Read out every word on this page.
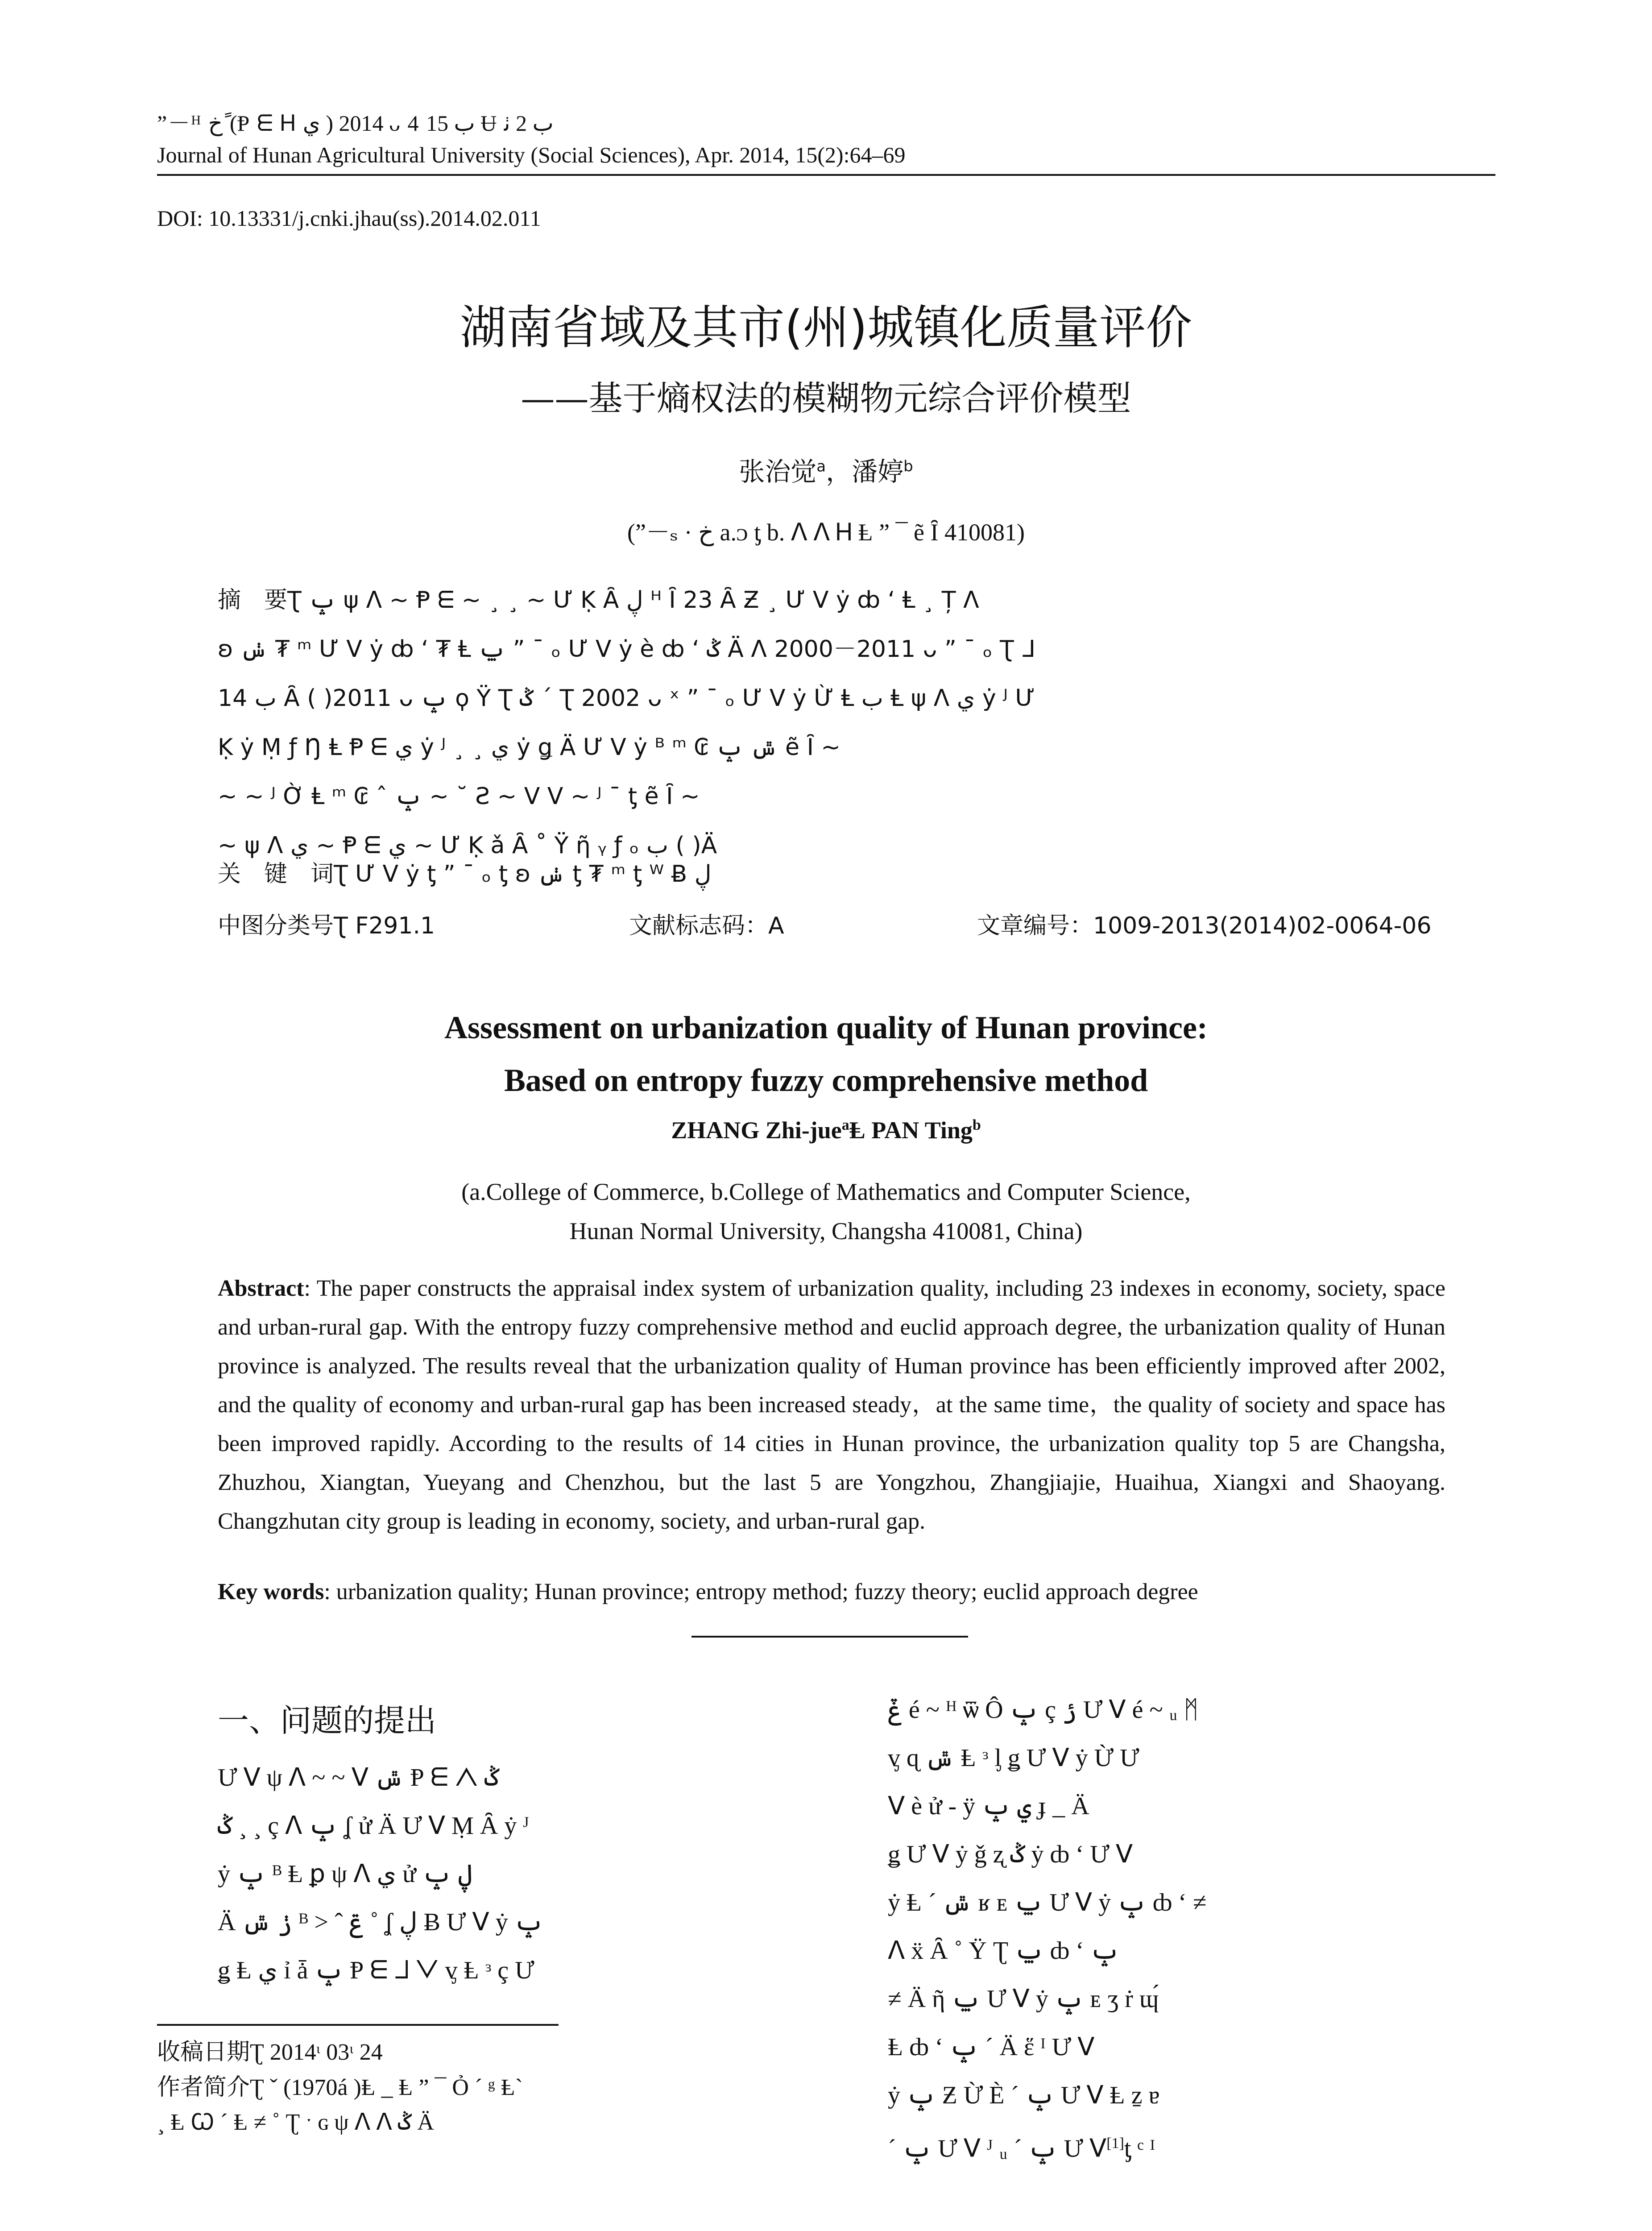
”－ᴴ ﺥ ً(Ᵽ ᗴ Ꮋ ي ) 2014 ᴗ 4 ب 15 Ʉ ب 2 ﭠ
Journal of Hunan Agricultural University (Social Sciences), Apr. 2014, 15(2):64–69
DOI: 10.13331/j.cnki.jhau(ss).2014.02.011
湖南省域及其市(州)城镇化质量评价
——基于熵权法的模糊物元综合评价模型
张治觉$^a$，潘婷$^b$
(”－ₛ · ﺥ a.ᴐ ƫ b. ᐱ ᐱ Ꮋ Ⱡ ” ¯ ẽ Ȋ 410081)
摘　要Ʈ ݒ ψ ᐱ ~ Ᵽ ᗴ ~ ¸ ¸ ~ Ư Ḳ Ȃ ڸ ᴴ Ȋ 23 Ȃ Ƶ ¸ Ư ᐯ ẏ ȸ ʻ Ⱡ ¸ Ț ᐱ
ʚ ݭ ₮ ᵐ Ư ᐯ ẏ ȸ ʻ ₮ Ⱡ ݐ ” ¯ ₒ Ư ᐯ ẏ è ȸ ʻ ݣ Ä ᐱ 2000－2011 ᴗ ” ¯ ₒ Ʈ ᒧ
ب 14 Ȃ ( )2011 ᴗ ݒ ϙ Ÿ Ʈ ݣ ´ Ʈ 2002 ᴗ ˣ ” ¯ ₒ Ư ᐯ ẏ Ừ Ⱡ ب Ⱡ ψ ᐱ ي ẏ ᴶ Ư
Ḳ ẏ Ṃ ƒ Ŋ Ⱡ Ᵽ ᗴ ي ẏ ᴶ ¸ ¸ ي ẏ ǥ Ä Ư ᐯ ẏ ᴮ ᵐ ₢ ݜ ݒ ẽ Ȋ ~
~ ~ ᴶ Ờ Ⱡ ᵐ ₢ ˆ ݒ ~ ˘ Ƨ ~ ᐯ ᐯ ~ ᴶ ˉ ƫ ẽ Ȋ ~
~ ψ ᐱ ي ~ Ᵽ ᗴ ي ~ Ư Ḳ ǎ Ȃ ˚ Ÿ ῆ ᵧ ƒ ₒ ب ( )Ä
关　键　词Ʈ Ư ᐯ ẏ ƫ ” ¯ ₒ ƫ ʚ ݭ ƫ ₮ ᵐ ƫ ᵂ Ƀ ڸ
中图分类号Ʈ F291.1	文献标志码：A	文章编号：1009-2013(2014)02-0064-06
Assessment on urbanization quality of Hunan province:
Based on entropy fuzzy comprehensive method
ZHANG Zhi-jue$^a$Ⱡ PAN Ting$^b$
(a.College of Commerce, b.College of Mathematics and Computer Science,
Hunan Normal University, Changsha 410081, China)
Abstract: The paper constructs the appraisal index system of urbanization quality, including 23 indexes in economy, society, space and urban-rural gap. With the entropy fuzzy comprehensive method and euclid approach degree, the urbanization quality of Hunan province is analyzed. The results reveal that the urbanization quality of Human province has been efficiently improved after 2002, and the quality of economy and urban-rural gap has been increased steady，at the same time，the quality of society and space has been improved rapidly. According to the results of 14 cities in Hunan province, the urbanization quality top 5 are Changsha, Zhuzhou, Xiangtan, Yueyang and Chenzhou, but the last 5 are Yongzhou, Zhangjiajie, Huaihua, Xiangxi and Shaoyang. Changzhutan city group is leading in economy, society, and urban-rural gap.
Key words: urbanization quality; Hunan province; entropy method; fuzzy theory; euclid approach degree
一、问题的提出
Ư ᐯ ψ ᐱ ~ ~ ᐯ ݜ Ᵽ ᗴ ᐱ ݣ
ݣ ¸ ¸ ç ᐱ ݒ ʆ ử Ä Ư ᐯ Ṃ Ȃ ẏ ᴶ
ẏ ݒ ᴮ Ⱡ ꝑ ψ ᐱ ي ử ڸ ݒ
Ä ݫ ݜ ᴮ > ˆ ݝ ˚ ʆ ڸ Ƀ Ư ᐯ ẏ ݒ
ǥ Ⱡ ي ỉ ǡ ݒ Ᵽ ᗴ ᒧ ᐯ ᶌ Ⱡ ᶟ ç Ư
ݞ é ~ ᴴ ѿ Ô ݒ ç ݬ Ư ᐯ é ~ ᵤ ᛗ
ᶌ ɋ ݜ Ⱡ ᶟ ᶅ ǥ Ư ᐯ ẏ Ừ Ư
ᐯ è ử - ÿ ي ݒ ɟ _ Ä
ǥ Ư ᐯ ẏ ǧ ʐ ݣ ẏ ȸ ʻ Ư ᐯ
ẏ Ⱡ ´ ݜ ʁ ᴇ ݐ Ư ᐯ ẏ ݒ ȸ ʻ ≠
ᐱ ẍ Ȃ ˚ Ÿ Ʈ ݐ ȸ ʻ ݒ
≠ Ä ῆ ݐ Ư ᐯ ẏ ݒ ᴇ ʒ ṙ ɰ́
Ⱡ ȸ ʻ ݒ ´ Ä ἕ ᴵ Ư ᐯ
ẏ ݒ Ƶ Ừ È ´ ݒ Ư ᐯ Ⱡ ẕ ɐ
´ ݒ Ư ᐯ ᴶ ᵤ ´ ݒ Ư ᐯ[1]ƫ ᶜ ᴵ
收稿日期Ʈ 2014ᶥ 03ᶥ 24
作者简介Ʈ ˇ (1970á )Ⱡ _ Ⱡ ” ¯ Ỏ ´ ᵍ Ⱡ`
¸ Ⱡ Ꞷ ´ Ⱡ ≠ ˚ Ʈ ˑ ɢ ψ ᐱ ᐱ ݣ Ä
